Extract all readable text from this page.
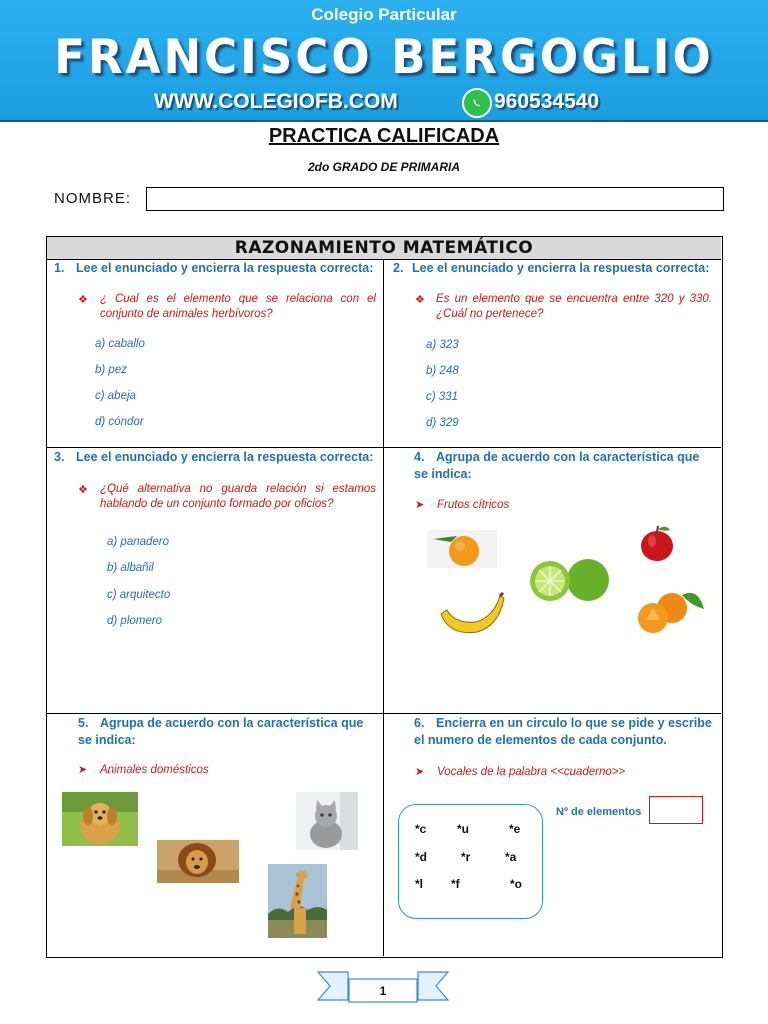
Colegio Particular
FRANCISCO BERGOGLIO
WWW.COLEGIOFB.COM	960534540
PRACTICA CALIFICADA
2do GRADO DE PRIMARIA
NOMBRE:
RAZONAMIENTO MATEMÁTICO
1. Lee el enunciado y encierra la respuesta correcta:
❖ ¿ Cual es el elemento que se relaciona con el conjunto de animales herbívoros?
a) caballo
b) pez
c) abeja
d) cóndor
2. Lee el enunciado y encierra la respuesta correcta:
❖ Es un elemento que se encuentra entre 320 y 330. ¿Cuál no pertenece?
a) 323
b) 248
c) 331
d) 329
3. Lee el enunciado y encierra la respuesta correcta:
❖ ¿Qué alternativa no guarda relación si estamos hablando de un conjunto formado por oficios?
a) panadero
b) albañil
c) arquitecto
d) plomero
4. Agrupa de acuerdo con la característica que se indica:
➤ Frutos cítricos
5. Agrupa de acuerdo con la característica que se indica:
➤ Animales domésticos
6. Encierra en un circulo lo que se pide y escribe el numero de elementos de cada conjunto.
➤ Vocales de la palabra <<cuaderno>>
*c	*u	*e
*d	*r	*a
*l *f	*o
Nº de elementos
1
